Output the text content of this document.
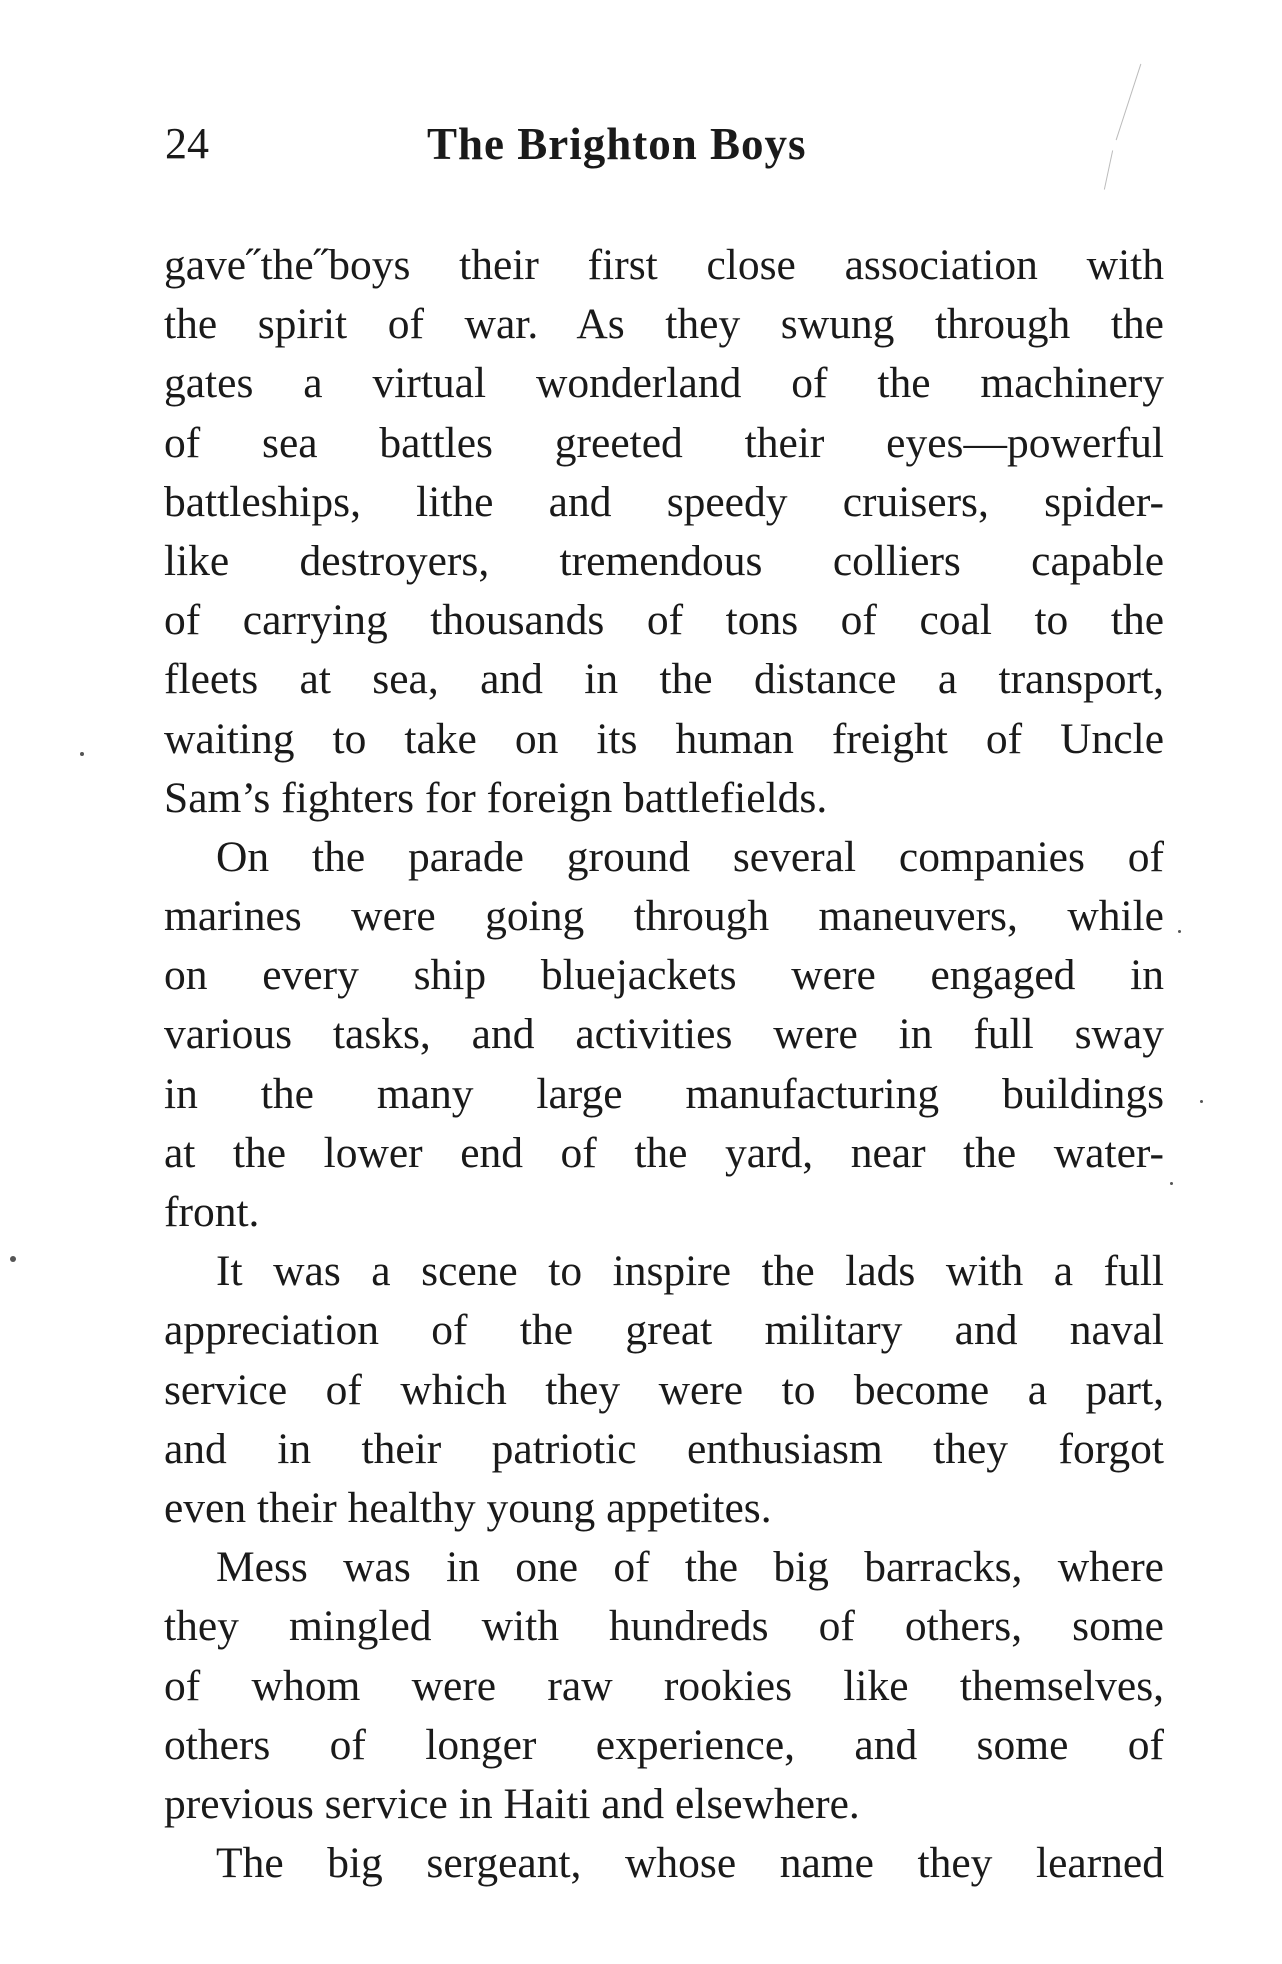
24	The Brighton Boys
gave˝the˝boys their first close association with
the spirit of war. As they swung through the
gates a virtual wonderland of the machinery
of sea battles greeted their eyes—powerful
battleships, lithe and speedy cruisers, spider-
like destroyers, tremendous colliers capable
of carrying thousands of tons of coal to the
fleets at sea, and in the distance a transport,
waiting to take on its human freight of Uncle
Sam’s fighters for foreign battlefields.
On the parade ground several companies of
marines were going through maneuvers, while
on every ship bluejackets were engaged in
various tasks, and activities were in full sway
in the many large manufacturing buildings
at the lower end of the yard, near the water-
front.
It was a scene to inspire the lads with a full
appreciation of the great military and naval
service of which they were to become a part,
and in their patriotic enthusiasm they forgot
even their healthy young appetites.
Mess was in one of the big barracks, where
they mingled with hundreds of others, some
of whom were raw rookies like themselves,
others of longer experience, and some of
previous service in Haiti and elsewhere.
The big sergeant, whose name they learned
